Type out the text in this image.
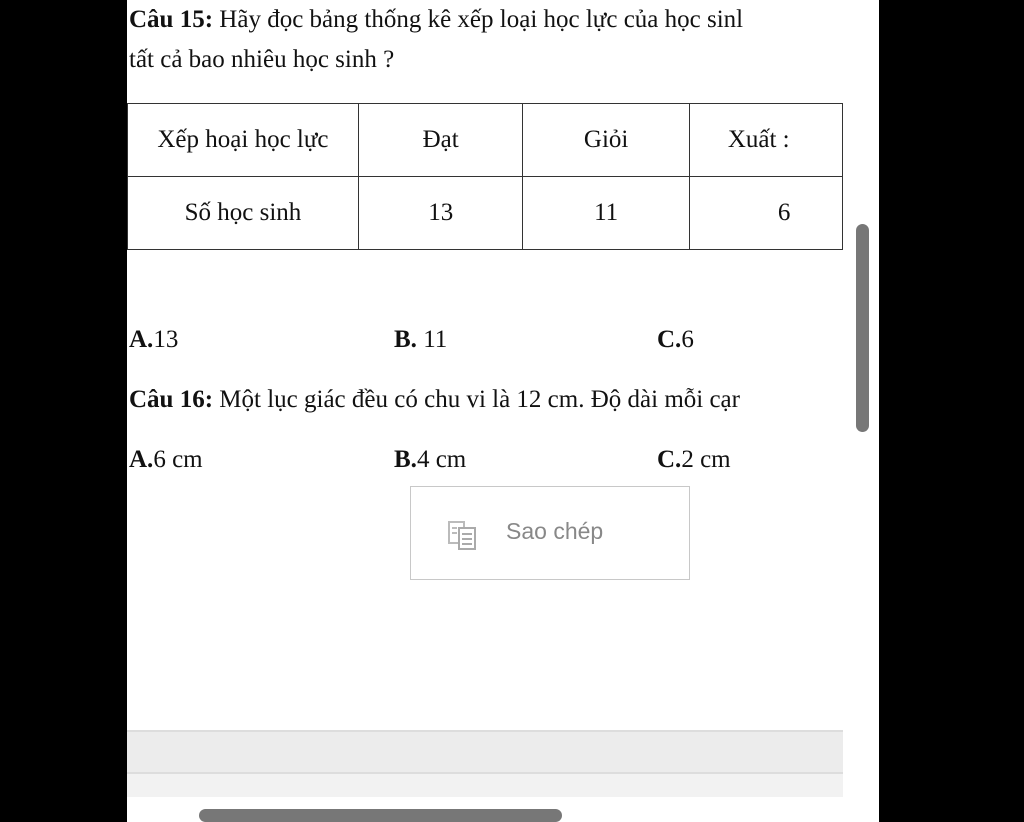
Câu 15: Hãy đọc bảng thống kê xếp loại học lực của học sinl
tất cả bao nhiêu học sinh ?
Xếp hoại học lực	Đạt	Giỏi	Xuất :
Số học sinh	13	11	6
A.13	B. 11	C.6
Câu 16: Một lục giác đều có chu vi là 12 cm. Độ dài mỗi cạr
A.6 cm	B.4 cm	C.2 cm
Sao chép
